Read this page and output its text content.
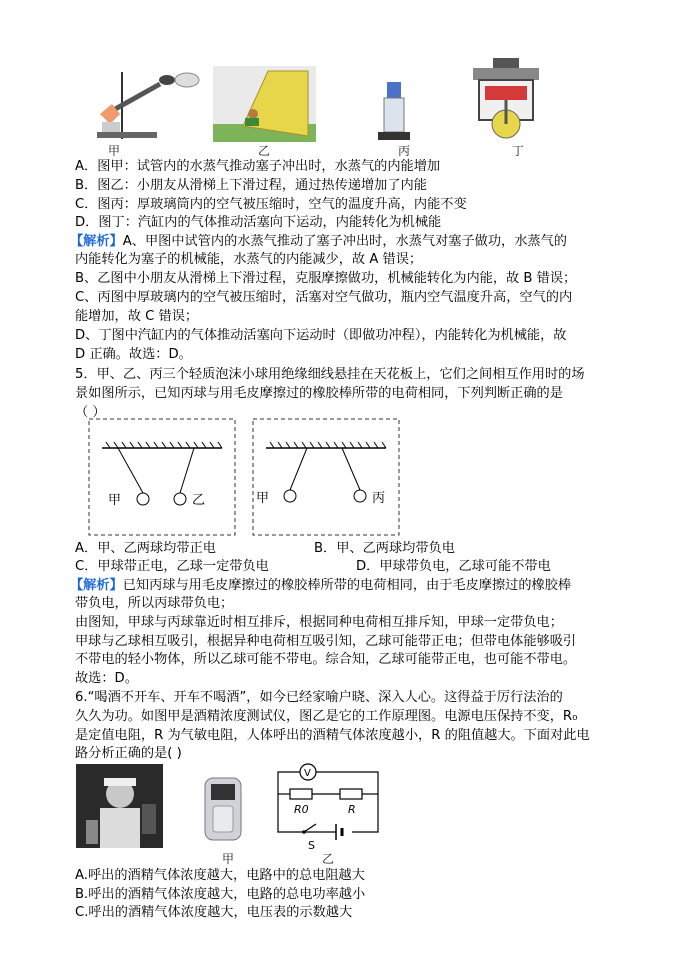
甲	乙	丙	丁
A．图甲：试管内的水蒸气推动塞子冲出时，水蒸气的内能增加
B．图乙：小朋友从滑梯上下滑过程，通过热传递增加了内能
C．图丙：厚玻璃筒内的空气被压缩时，空气的温度升高，内能不变
D．图丁：汽缸内的气体推动活塞向下运动，内能转化为机械能
【解析】A、甲图中试管内的水蒸气推动了塞子冲出时，水蒸气对塞子做功，水蒸气的
内能转化为塞子的机械能，水蒸气的内能减少，故 A 错误；
B、乙图中小朋友从滑梯上下滑过程，克服摩擦做功，机械能转化为内能，故 B 错误；
C、丙图中厚玻璃内的空气被压缩时，活塞对空气做功，瓶内空气温度升高，空气的内
能增加，故 C 错误；
D、丁图中汽缸内的气体推动活塞向下运动时（即做功冲程），内能转化为机械能，故
D 正确。故选：D。
5．甲、乙、丙三个轻质泡沫小球用绝缘细线悬挂在天花板上，它们之间相互作用时的场
景如图所示，已知丙球与用毛皮摩擦过的橡胶棒所带的电荷相同，下列判断正确的是
（ ）
甲	乙	甲	丙
A．甲、乙两球均带正电	B．甲、乙两球均带负电
C．甲球带正电，乙球一定带负电	D．甲球带负电，乙球可能不带电
【解析】已知丙球与用毛皮摩擦过的橡胶棒所带的电荷相同，由于毛皮摩擦过的橡胶棒
带负电，所以丙球带负电；
由图知，甲球与丙球靠近时相互排斥，根据同种电荷相互排斥知，甲球一定带负电；
甲球与乙球相互吸引，根据异种电荷相互吸引知，乙球可能带正电；但带电体能够吸引
不带电的轻小物体，所以乙球可能不带电。综合知，乙球可能带正电，也可能不带电。
故选：D。
6.“喝酒不开车、开车不喝酒”，如今已经家喻户晓、深入人心。这得益于厉行法治的
久久为功。如图甲是酒精浓度测试仪，图乙是它的工作原理图。电源电压保持不变，R₀
是定值电阻，R 为气敏电阻，人体呼出的酒精气体浓度越小，R 的阻值越大。下面对此电
路分析正确的是( )
甲
V
R0	R
S
乙
A.呼出的酒精气体浓度越大，电路中的总电阻越大
B.呼出的酒精气体浓度越大，电路的总电功率越小
C.呼出的酒精气体浓度越大，电压表的示数越大
